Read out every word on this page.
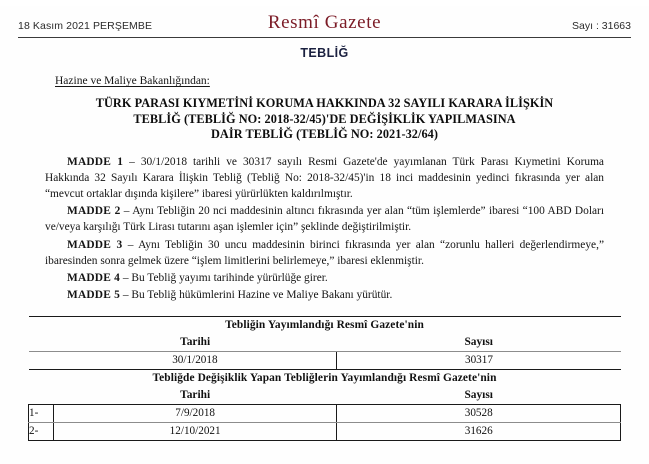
18 Kasım 2021 PERŞEMBE	Resmî Gazete	Sayı : 31663
TEBLİĞ
Hazine ve Maliye Bakanlığından:
TÜRK PARASI KIYMETİNİ KORUMA HAKKINDA 32 SAYILI KARARA İLİŞKİN
TEBLİĞ (TEBLİĞ NO: 2018-32/45)'DE DEĞİŞİKLİK YAPILMASINA
DAİR TEBLİĞ (TEBLİĞ NO: 2021-32/64)

MADDE 1 – 30/1/2018 tarihli ve 30317 sayılı Resmi Gazete'de yayımlanan Türk Parası Kıymetini Koruma Hakkında 32 Sayılı Karara İlişkin Tebliğ (Tebliğ No: 2018-32/45)'in 18 inci maddesinin yedinci fıkrasında yer alan “mevcut ortaklar dışında kişilere” ibaresi yürürlükten kaldırılmıştır.

MADDE 2 – Aynı Tebliğin 20 nci maddesinin altıncı fıkrasında yer alan “tüm işlemlerde” ibaresi “100 ABD Doları ve/veya karşılığı Türk Lirası tutarını aşan işlemler için” şeklinde değiştirilmiştir.

MADDE 3 – Aynı Tebliğin 30 uncu maddesinin birinci fıkrasında yer alan “zorunlu halleri değerlendirmeye,” ibaresinden sonra gelmek üzere “işlem limitlerini belirlemeye,” ibaresi eklenmiştir.

MADDE 4 – Bu Tebliğ yayımı tarihinde yürürlüğe girer.

MADDE 5 – Bu Tebliğ hükümlerini Hazine ve Maliye Bakanı yürütür.

Tebliğin Yayımlandığı Resmî Gazete'nin		
	Tarihi	Sayısı
	30/1/2018	30317
Tebliğde Değişiklik Yapan Tebliğlerin Yayımlandığı Resmî Gazete'nin		
	Tarihi	Sayısı
1-	7/9/2018	30528
2-	12/10/2021	31626
